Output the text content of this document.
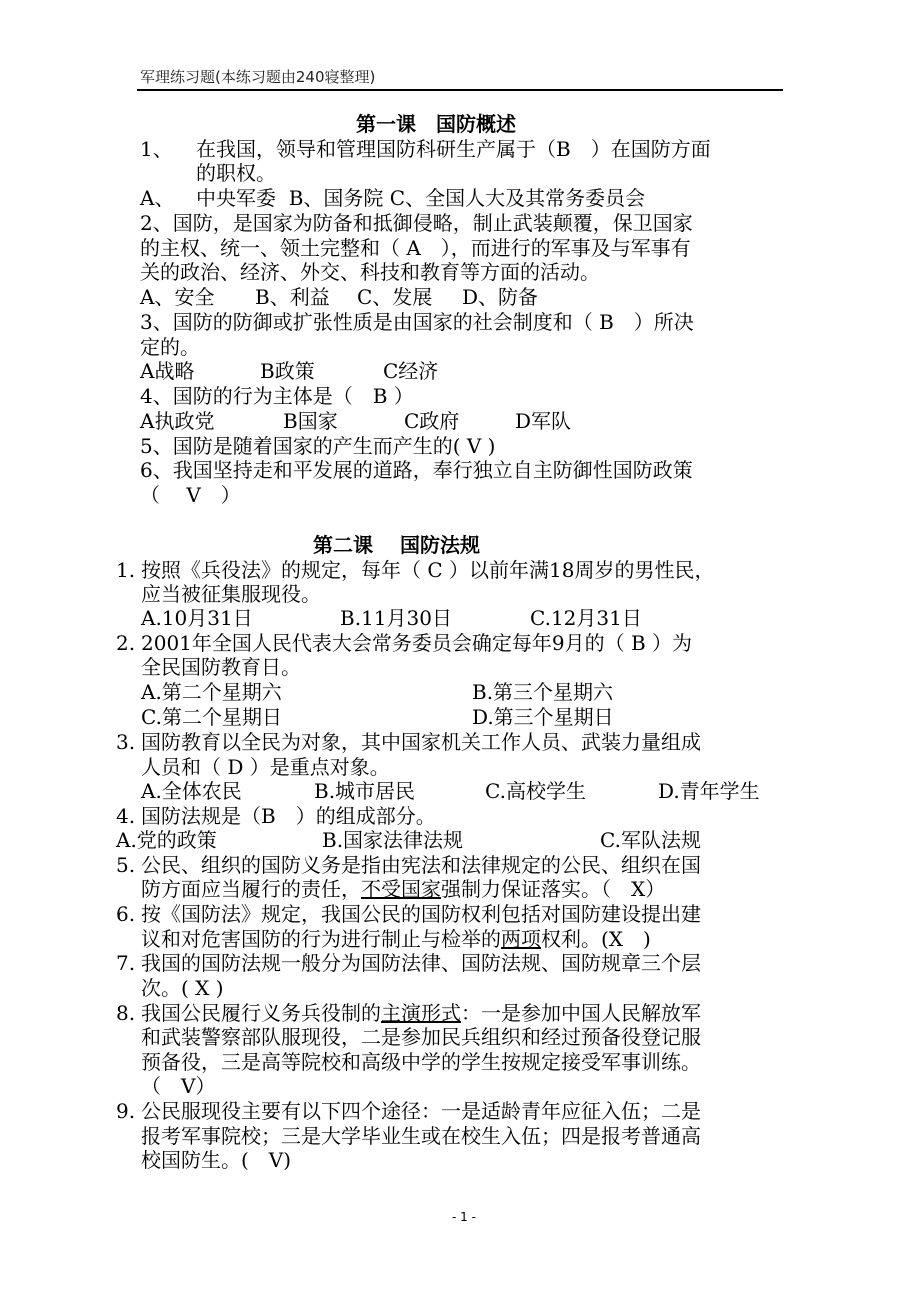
军理练习题(本练习题由240寝整理)
第一课　国防概述
1、 在我国，领导和管理国防科研生产属于（B　）在国防方面
的职权。
A、 中央军委  B、国务院 C、全国人大及其常务委员会
2、国防，是国家为防备和抵御侵略，制止武装颠覆，保卫国家
的主权、统一、领土完整和（ A　），而进行的军事及与军事有
关的政治、经济、外交、科技和教育等方面的活动。
A、安全 B、利益 C、发展 D、防备
3、国防的防御或扩张性质是由国家的社会制度和（ B　）所决
定的。
A战略	B政策	C经济
4、国防的行为主体是（　B ）
A执政党	B国家	C政府	D军队
5、国防是随着国家的产生而产生的( V )
6、我国坚持走和平发展的道路，奉行独立自主防御性国防政策
（　 V　）
第二课　 国防法规
1. 按照《兵役法》的规定，每年（ C ）以前年满18周岁的男性民，
应当被征集服现役。
A.10月31日	B.11月30日	C.12月31日
2. 2001年全国人民代表大会常务委员会确定每年9月的（ B ）为
全民国防教育日。
A.第二个星期六	B.第三个星期六
C.第二个星期日	D.第三个星期日
3. 国防教育以全民为对象，其中国家机关工作人员、武装力量组成
人员和（ D ）是重点对象。
A.全体农民	B.城市居民	C.高校学生	D.青年学生
4. 国防法规是（B　）的组成部分。
A.党的政策	B.国家法律法规	C.军队法规
5. 公民、组织的国防义务是指由宪法和法律规定的公民、组织在国
防方面应当履行的责任，不受国家强制力保证落实。（　X）
6. 按《国防法》规定，我国公民的国防权利包括对国防建设提出建
议和对危害国防的行为进行制止与检举的两项权利。(X　)
7. 我国的国防法规一般分为国防法律、国防法规、国防规章三个层
次。( X )
8. 我国公民履行义务兵役制的主演形式：一是参加中国人民解放军
和武装警察部队服现役，二是参加民兵组织和经过预备役登记服
预备役，三是高等院校和高级中学的学生按规定接受军事训练。
（　V）
9. 公民服现役主要有以下四个途径：一是适龄青年应征入伍；二是
报考军事院校；三是大学毕业生或在校生入伍；四是报考普通高
校国防生。(　V)
- 1 -
